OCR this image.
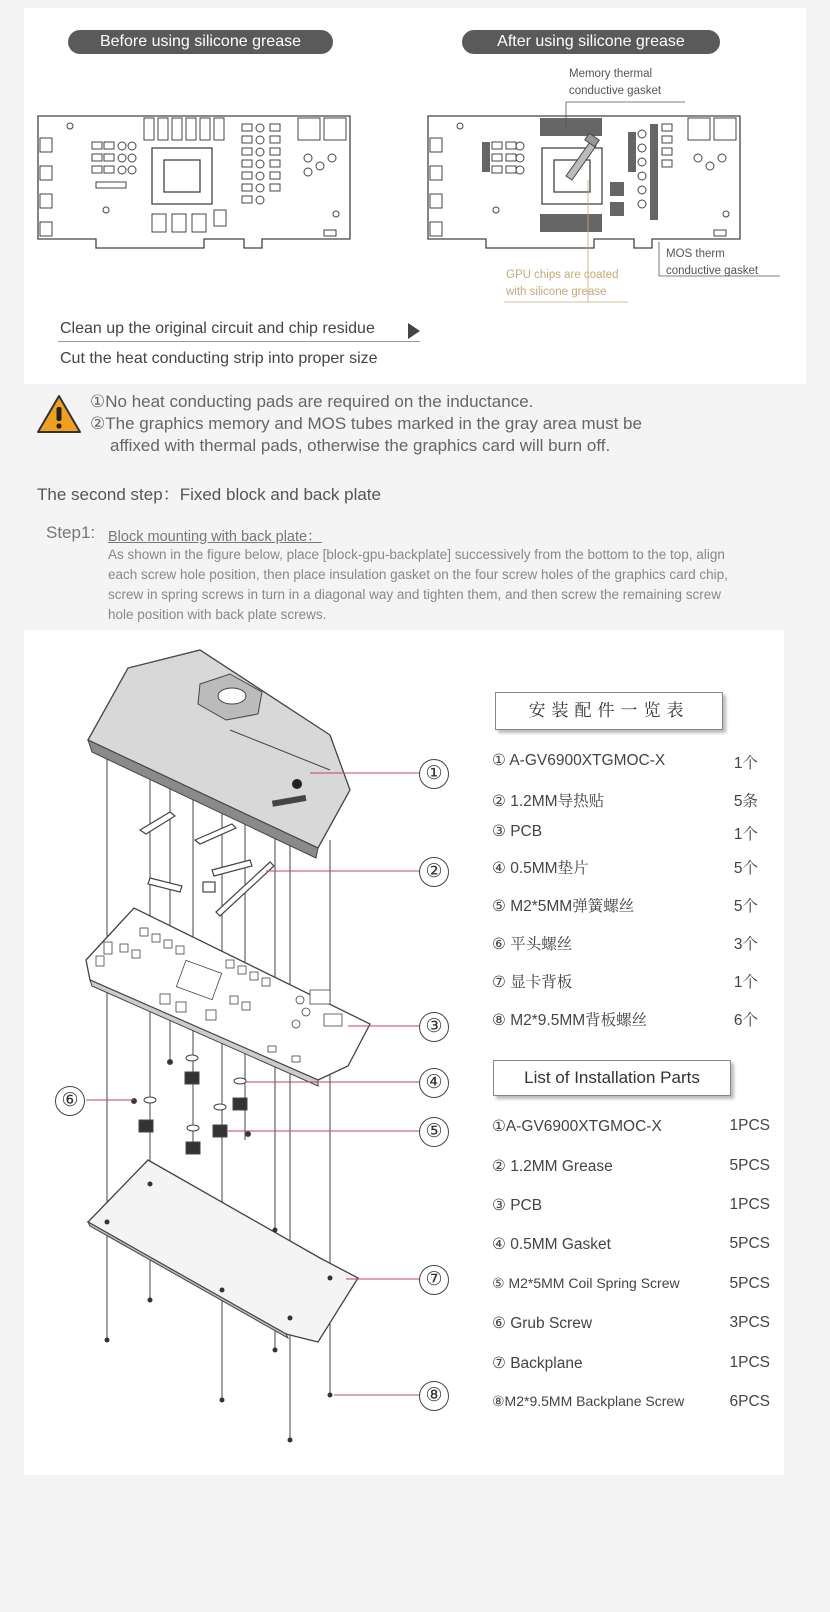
Before using silicone grease	After using silicone grease
Memory thermal
conductive gasket
MOS therm
conductive gasket
GPU chips are coated
with silicone grease
Clean up the original circuit and chip residue
Cut the heat conducting strip into proper size
①No heat conducting pads are required on the inductance.
②The graphics memory and MOS tubes marked in the gray area must be
affixed with thermal pads, otherwise the graphics card will burn off.
The second step：Fixed block and back plate
Step1: Block mounting with back plate：
As shown in the figure below, place [block-gpu-backplate] successively from the bottom to the top, align each screw hole position, then place insulation gasket on the four screw holes of the graphics card chip, screw in spring screws in turn in a diagonal way and tighten them, and then screw the remaining screw hole position with back plate screws.
①
②
③
④
⑤
⑥
⑦
⑧
安装配件一览表
① A-GV6900XTGMOC-X	1个
② 1.2MM导热贴	5条
③ PCB	1个
④ 0.5MM垫片	5个
⑤ M2*5MM弹簧螺丝	5个
⑥ 平头螺丝	3个
⑦ 显卡背板	1个
⑧ M2*9.5MM背板螺丝	6个
List of Installation Parts
①A-GV6900XTGMOC-X	1PCS
② 1.2MM Grease	5PCS
③ PCB	1PCS
④ 0.5MM Gasket	5PCS
⑤ M2*5MM Coil Spring Screw	5PCS
⑥ Grub Screw	3PCS
⑦ Backplane	1PCS
⑧M2*9.5MM Backplane Screw	6PCS
